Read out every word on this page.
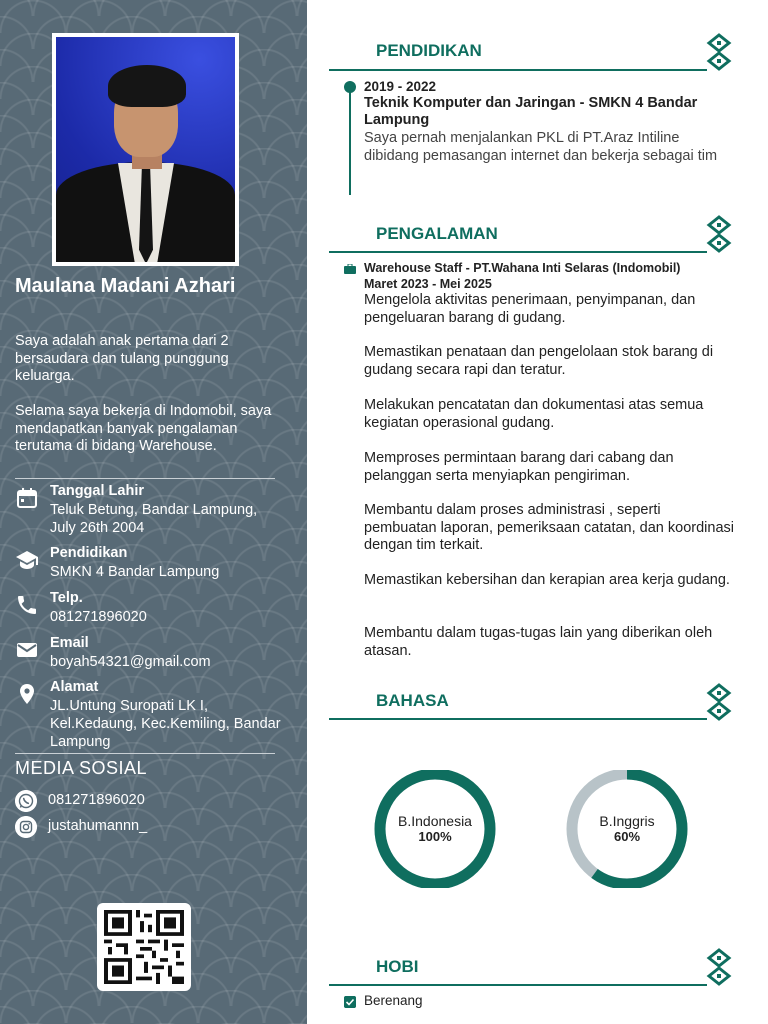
Maulana Madani Azhari
Saya adalah anak pertama dari 2 bersaudara dan tulang punggung keluarga.
Selama saya bekerja di Indomobil, saya mendapatkan banyak pengalaman terutama di bidang Warehouse.
Tanggal Lahir
Teluk Betung, Bandar Lampung, July 26th 2004
Pendidikan
SMKN 4 Bandar Lampung
Telp.
081271896020
Email
boyah54321@gmail.com
Alamat
JL.Untung Suropati LK I, Kel.Kedaung, Kec.Kemiling, Bandar Lampung
MEDIA SOSIAL
081271896020
justahumannn_
PENDIDIKAN
2019 - 2022
Teknik Komputer dan Jaringan - SMKN 4 Bandar Lampung
Saya pernah menjalankan PKL di PT.Araz Intiline dibidang pemasangan internet dan bekerja sebagai tim
PENGALAMAN
Warehouse Staff - PT.Wahana Inti Selaras (Indomobil)
Maret 2023 - Mei 2025
Mengelola aktivitas penerimaan, penyimpanan, dan pengeluaran barang di gudang.
Memastikan penataan dan pengelolaan stok barang di gudang secara rapi dan teratur.
Melakukan pencatatan dan dokumentasi atas semua kegiatan operasional gudang.
Memproses permintaan barang dari cabang dan pelanggan serta menyiapkan pengiriman.
Membantu dalam proses administrasi , seperti pembuatan laporan, pemeriksaan catatan, dan koordinasi dengan tim terkait.
Memastikan kebersihan dan kerapian area kerja gudang.
Membantu dalam tugas-tugas lain yang diberikan oleh atasan.
BAHASA
B.Indonesia
100%
B.Inggris
60%
HOBI
Berenang
